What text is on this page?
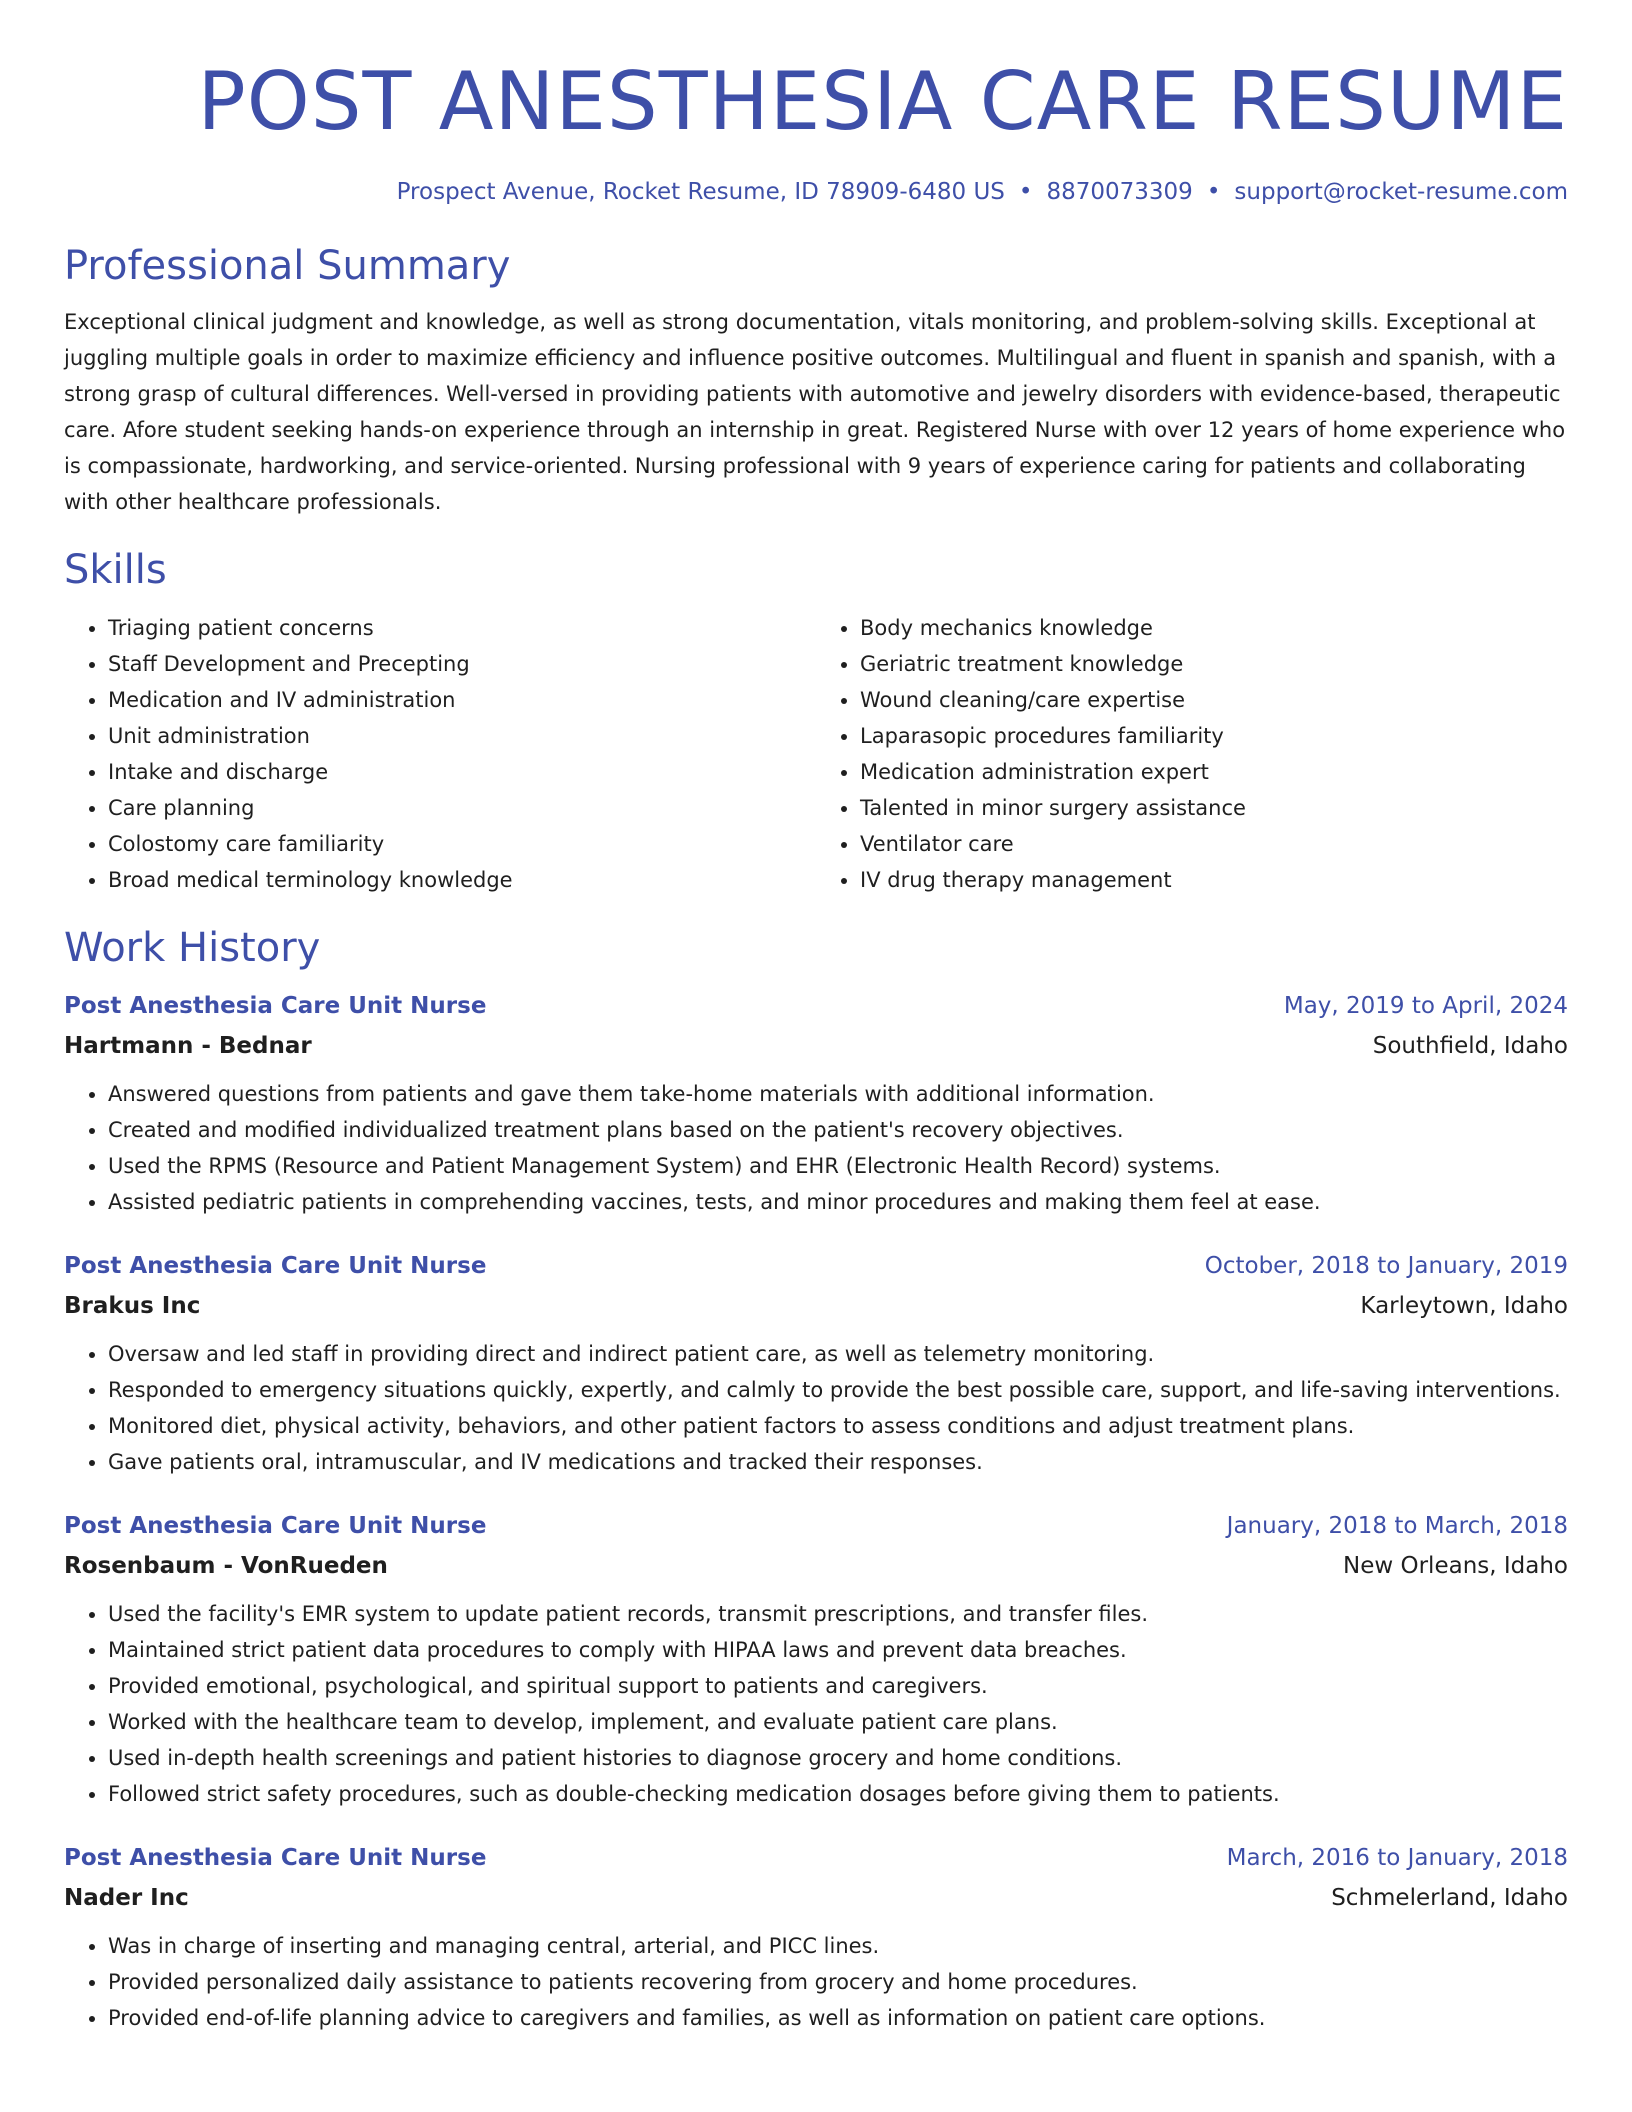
POST ANESTHESIA CARE RESUME
Prospect Avenue, Rocket Resume, ID 78909-6480 US • 8870073309 • support@rocket-resume.com
Professional Summary
Exceptional clinical judgment and knowledge, as well as strong documentation, vitals monitoring, and problem-solving skills. Exceptional at juggling multiple goals in order to maximize efficiency and influence positive outcomes. Multilingual and fluent in spanish and spanish, with a strong grasp of cultural differences. Well-versed in providing patients with automotive and jewelry disorders with evidence-based, therapeutic care. Afore student seeking hands-on experience through an internship in great. Registered Nurse with over 12 years of home experience who is compassionate, hardworking, and service-oriented. Nursing professional with 9 years of experience caring for patients and collaborating with other healthcare professionals.
Skills
• Triaging patient concerns
• Staff Development and Precepting
• Medication and IV administration
• Unit administration
• Intake and discharge
• Care planning
• Colostomy care familiarity
• Broad medical terminology knowledge
• Body mechanics knowledge
• Geriatric treatment knowledge
• Wound cleaning/care expertise
• Laparasopic procedures familiarity
• Medication administration expert
• Talented in minor surgery assistance
• Ventilator care
• IV drug therapy management
Work History
Post Anesthesia Care Unit Nurse	May, 2019 to April, 2024
Hartmann - Bednar	Southfield, Idaho
• Answered questions from patients and gave them take-home materials with additional information.
• Created and modified individualized treatment plans based on the patient's recovery objectives.
• Used the RPMS (Resource and Patient Management System) and EHR (Electronic Health Record) systems.
• Assisted pediatric patients in comprehending vaccines, tests, and minor procedures and making them feel at ease.
Post Anesthesia Care Unit Nurse	October, 2018 to January, 2019
Brakus Inc	Karleytown, Idaho
• Oversaw and led staff in providing direct and indirect patient care, as well as telemetry monitoring.
• Responded to emergency situations quickly, expertly, and calmly to provide the best possible care, support, and life-saving interventions.
• Monitored diet, physical activity, behaviors, and other patient factors to assess conditions and adjust treatment plans.
• Gave patients oral, intramuscular, and IV medications and tracked their responses.
Post Anesthesia Care Unit Nurse	January, 2018 to March, 2018
Rosenbaum - VonRueden	New Orleans, Idaho
• Used the facility's EMR system to update patient records, transmit prescriptions, and transfer files.
• Maintained strict patient data procedures to comply with HIPAA laws and prevent data breaches.
• Provided emotional, psychological, and spiritual support to patients and caregivers.
• Worked with the healthcare team to develop, implement, and evaluate patient care plans.
• Used in-depth health screenings and patient histories to diagnose grocery and home conditions.
• Followed strict safety procedures, such as double-checking medication dosages before giving them to patients.
Post Anesthesia Care Unit Nurse	March, 2016 to January, 2018
Nader Inc	Schmelerland, Idaho
• Was in charge of inserting and managing central, arterial, and PICC lines.
• Provided personalized daily assistance to patients recovering from grocery and home procedures.
• Provided end-of-life planning advice to caregivers and families, as well as information on patient care options.
